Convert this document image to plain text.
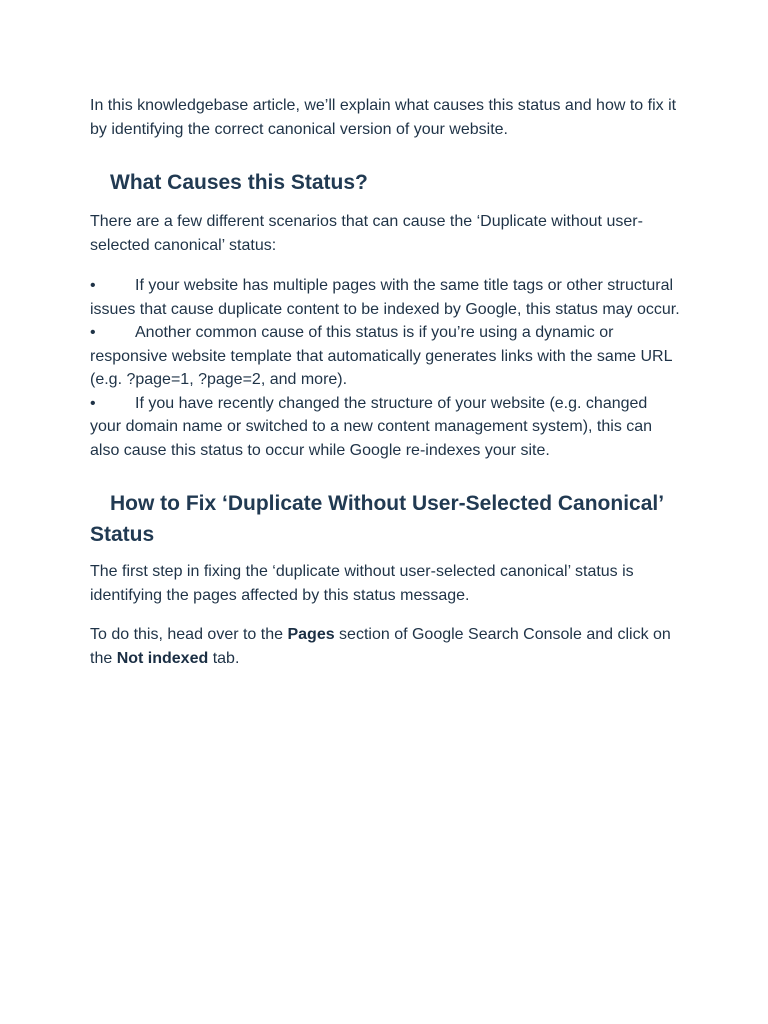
In this knowledgebase article, we’ll explain what causes this status and how to fix it by identifying the correct canonical version of your website.

What Causes this Status?

There are a few different scenarios that can cause the ‘Duplicate without user-selected canonical’ status:

• If your website has multiple pages with the same title tags or other structural issues that cause duplicate content to be indexed by Google, this status may occur.
• Another common cause of this status is if you’re using a dynamic or responsive website template that automatically generates links with the same URL (e.g. ?page=1, ?page=2, and more).
• If you have recently changed the structure of your website (e.g. changed your domain name or switched to a new content management system), this can also cause this status to occur while Google re-indexes your site.
How to Fix ‘Duplicate Without User-Selected Canonical’ Status

The first step in fixing the ‘duplicate without user-selected canonical’ status is identifying the pages affected by this status message.

To do this, head over to the Pages section of Google Search Console and click on the Not indexed tab.
